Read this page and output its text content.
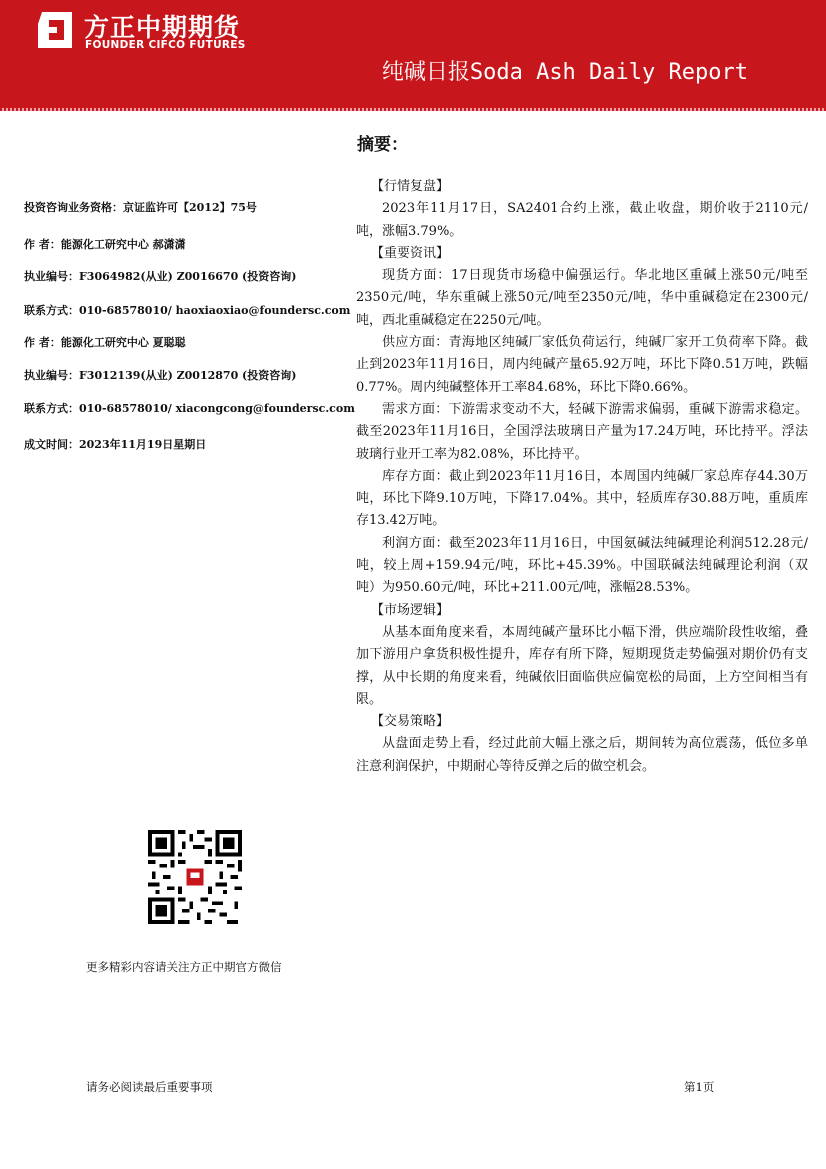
方正中期期货
FOUNDER CIFCO FUTURES
纯碱日报Soda Ash Daily Report
投资咨询业务资格：京证监许可【2012】75号
作 者：能源化工研究中心 郝潇潇
执业编号：F3064982(从业) Z0016670 (投资咨询)
联系方式：010-68578010/ haoxiaoxiao@foundersc.com
作 者：能源化工研究中心 夏聪聪
执业编号：F3012139(从业) Z0012870 (投资咨询)
联系方式：010-68578010/ xiacongcong@foundersc.com
成文时间：2023年11月19日星期日
更多精彩内容请关注方正中期官方微信
摘要：

【行情复盘】

2023年11月17日，SA2401合约上涨，截止收盘，期价收于2110元/吨，涨幅3.79%。

【重要资讯】

现货方面：17日现货市场稳中偏强运行。华北地区重碱上涨50元/吨至2350元/吨，华东重碱上涨50元/吨至2350元/吨，华中重碱稳定在2300元/吨，西北重碱稳定在2250元/吨。

供应方面：青海地区纯碱厂家低负荷运行，纯碱厂家开工负荷率下降。截止到2023年11月16日，周内纯碱产量65.92万吨，环比下降0.51万吨，跌幅0.77%。周内纯碱整体开工率84.68%，环比下降0.66%。

需求方面：下游需求变动不大，轻碱下游需求偏弱，重碱下游需求稳定。截至2023年11月16日，全国浮法玻璃日产量为17.24万吨，环比持平。浮法玻璃行业开工率为82.08%，环比持平。

库存方面：截止到2023年11月16日，本周国内纯碱厂家总库存44.30万吨，环比下降9.10万吨，下降17.04%。其中，轻质库存30.88万吨，重质库存13.42万吨。

利润方面：截至2023年11月16日，中国氨碱法纯碱理论利润512.28元/吨，较上周+159.94元/吨，环比+45.39%。中国联碱法纯碱理论利润（双吨）为950.60元/吨，环比+211.00元/吨，涨幅28.53%。

【市场逻辑】

从基本面角度来看，本周纯碱产量环比小幅下滑，供应端阶段性收缩，叠加下游用户拿货积极性提升，库存有所下降，短期现货走势偏强对期价仍有支撑，从中长期的角度来看，纯碱依旧面临供应偏宽松的局面，上方空间相当有限。

【交易策略】

从盘面走势上看，经过此前大幅上涨之后，期间转为高位震荡，低位多单注意利润保护，中期耐心等待反弹之后的做空机会。

请务必阅读最后重要事项	第1页
